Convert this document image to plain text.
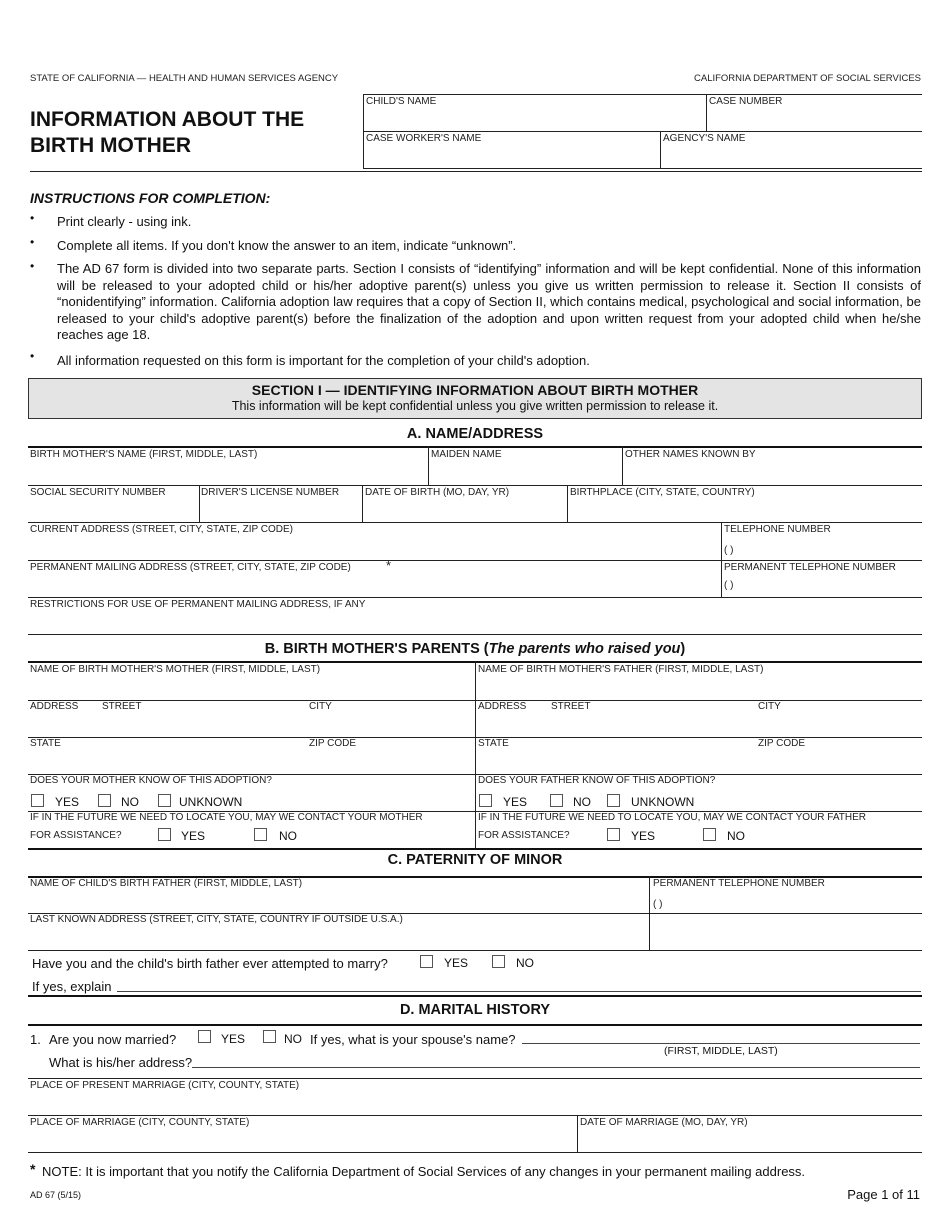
STATE OF CALIFORNIA — HEALTH AND HUMAN SERVICES AGENCY	CALIFORNIA DEPARTMENT OF SOCIAL SERVICES
INFORMATION ABOUT THE
BIRTH MOTHER
CHILD'S NAME	CASE NUMBER
CASE WORKER'S NAME	AGENCY'S NAME
INSTRUCTIONS FOR COMPLETION:
• Print clearly - using ink.
• Complete all items. If you don't know the answer to an item, indicate “unknown”.
• The AD 67 form is divided into two separate parts. Section I consists of “identifying” information and will be kept confidential. None of this information will be released to your adopted child or his/her adoptive parent(s) unless you give us written permission to release it. Section II consists of “nonidentifying” information. California adoption law requires that a copy of Section II, which contains medical, psychological and social information, be released to your child's adoptive parent(s) before the finalization of the adoption and upon written request from your adopted child when he/she reaches age 18.
• All information requested on this form is important for the completion of your child's adoption.
SECTION I — IDENTIFYING INFORMATION ABOUT BIRTH MOTHER
This information will be kept confidential unless you give written permission to release it.
A. NAME/ADDRESS
BIRTH MOTHER'S NAME (FIRST, MIDDLE, LAST)	MAIDEN NAME	OTHER NAMES KNOWN BY
SOCIAL SECURITY NUMBER	DRIVER'S LICENSE NUMBER	DATE OF BIRTH (MO, DAY, YR)	BIRTHPLACE (CITY, STATE, COUNTRY)
CURRENT ADDRESS (STREET, CITY, STATE, ZIP CODE)	TELEPHONE NUMBER
( )
PERMANENT MAILING ADDRESS (STREET, CITY, STATE, ZIP CODE)	*	PERMANENT TELEPHONE NUMBER
( )
RESTRICTIONS FOR USE OF PERMANENT MAILING ADDRESS, IF ANY
B. BIRTH MOTHER'S PARENTS (The parents who raised you)
NAME OF BIRTH MOTHER'S MOTHER (FIRST, MIDDLE, LAST)	NAME OF BIRTH MOTHER'S FATHER (FIRST, MIDDLE, LAST)
ADDRESS STREET	CITY	ADDRESS STREET	CITY
STATE	ZIP CODE	STATE	ZIP CODE
DOES YOUR MOTHER KNOW OF THIS ADOPTION?
YES	NO	UNKNOWN
DOES YOUR FATHER KNOW OF THIS ADOPTION?
YES	NO	UNKNOWN
IF IN THE FUTURE WE NEED TO LOCATE YOU, MAY WE CONTACT YOUR MOTHER
FOR ASSISTANCE?	YES	NO
IF IN THE FUTURE WE NEED TO LOCATE YOU, MAY WE CONTACT YOUR FATHER
FOR ASSISTANCE?	YES	NO
C. PATERNITY OF MINOR
NAME OF CHILD'S BIRTH FATHER (FIRST, MIDDLE, LAST)	PERMANENT TELEPHONE NUMBER
( )
LAST KNOWN ADDRESS (STREET, CITY, STATE, COUNTRY IF OUTSIDE U.S.A.)
Have you and the child's birth father ever attempted to marry?	YES	NO
If yes, explain
D. MARITAL HISTORY
1. Are you now married?	YES	NO If yes, what is your spouse's name?
(FIRST, MIDDLE, LAST)
What is his/her address?
PLACE OF PRESENT MARRIAGE (CITY, COUNTY, STATE)
PLACE OF MARRIAGE (CITY, COUNTY, STATE)	DATE OF MARRIAGE (MO, DAY, YR)
* NOTE: It is important that you notify the California Department of Social Services of any changes in your permanent mailing address.
AD 67 (5/15)	Page 1 of 11
